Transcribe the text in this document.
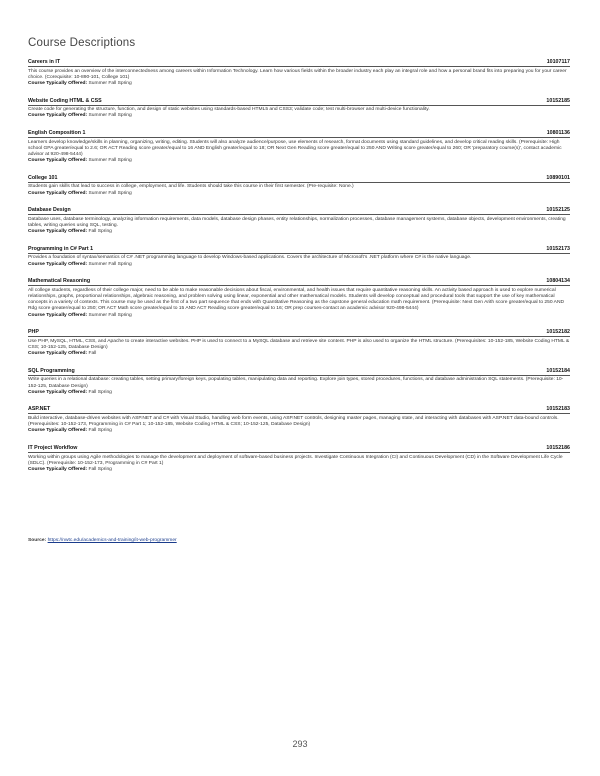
Course Descriptions
Careers in IT	10107117

This course provides an overview of the interconnectedness among careers within Information Technology. Learn how various fields within the broader industry each play an integral role and how a personal brand fits into preparing you for your career choice. (Corequisite: 10-890-101, College 101)

Course Typically Offered: Summer Fall Spring

Website Coding HTML & CSS	10152185

Create code for generating the structure, function, and design of static websites using standards-based HTML5 and CSS3; validate code; test multi-browser and multi-device functionality.

Course Typically Offered: Summer Fall Spring

English Composition 1	10801136

Learners develop knowledge/skills in planning, organizing, writing, editing. Students will also analyze audience/purpose, use elements of research, format documents using standard guidelines, and develop critical reading skills. (Prerequisite: High school GPA greater/equal to 2.6; OR ACT Reading score greater/equal to 16 AND English greater/equal to 18; OR Next Gen Reading score greater/equal to 250 AND Writing score greater/equal to 260; OR 'preparatory course(s)', contact academic advisor at 920-498-5444)

Course Typically Offered: Summer Fall Spring

College 101	10890101

Students gain skills that lead to success in college, employment, and life. Students should take this course in their first semester. (Pre-requisite: None.)

Course Typically Offered: Summer Fall Spring

Database Design	10152125

Database uses, database terminology, analyzing information requirements, data models, database design phases, entity relationships, normalization processes, database management systems, database objects, development environments, creating tables, writing queries using SQL, testing.

Course Typically Offered: Fall Spring

Programming in C# Part 1	10152173

Provides a foundation of syntax/semantics of C# .NET programming language to develop Windows-based applications. Covers the architecture of Microsoft's .NET platform where C# is the native language.

Course Typically Offered: Summer Fall Spring

Mathematical Reasoning	10804134

All college students, regardless of their college major, need to be able to make reasonable decisions about fiscal, environmental, and health issues that require quantitative reasoning skills. An activity based approach is used to explore numerical relationships, graphs, proportional relationships, algebraic reasoning, and problem solving using linear, exponential and other mathematical models. Students will develop conceptual and procedural tools that support the use of key mathematical concepts in a variety of contexts. This course may be used as the first of a two part sequence that ends with Quantitative Reasoning as the capstone general education math requirement. (Prerequisite: Next Gen Arith score greater/equal to 250 AND Rdg score greater/equal to 250; OR ACT Math score greater/equal to 15 AND ACT Reading score greater/equal to 16; OR prep courses-contact an academic advisor 920-498-5444)

Course Typically Offered: Summer Fall Spring

PHP	10152182

Use PHP, MySQL, HTML, CSS, and Apache to create interactive websites. PHP is used to connect to a MySQL database and retrieve site content. PHP is also used to organize the HTML structure. (Prerequisites: 10-152-185, Website Coding HTML & CSS; 10-152-125, Database Design)

Course Typically Offered: Fall

SQL Programming	10152184

Write queries in a relational database: creating tables, setting primary/foreign keys, populating tables, manipulating data and reporting. Explore join types, stored procedures, functions, and database administration SQL statements. (Prerequisite: 10-152-125, Database Design)

Course Typically Offered: Fall Spring

ASP.NET	10152183

Build interactive, database-driven websites with ASP.NET and C# with Visual Studio, handling web form events, using ASP.NET controls, designing master pages, managing state, and interacting with databases with ASP.NET data-bound controls. (Prerequisites: 10-152-173, Programming in C# Part 1; 10-152-185, Website Coding HTML & CSS; 10-152-125, Database Design)

Course Typically Offered: Fall Spring

IT Project Workflow	10152186

Working within groups using Agile methodologies to manage the development and deployment of software-based business projects. Investigate Continuous Integration (CI) and Continuous Development (CD) in the Software Development Life Cycle (SDLC). (Prerequisite: 10-152-173, Programming in C# Part 1)

Course Typically Offered: Fall Spring

Source: https://nwtc.edu/academics-and-training/it-web-programmer
293
